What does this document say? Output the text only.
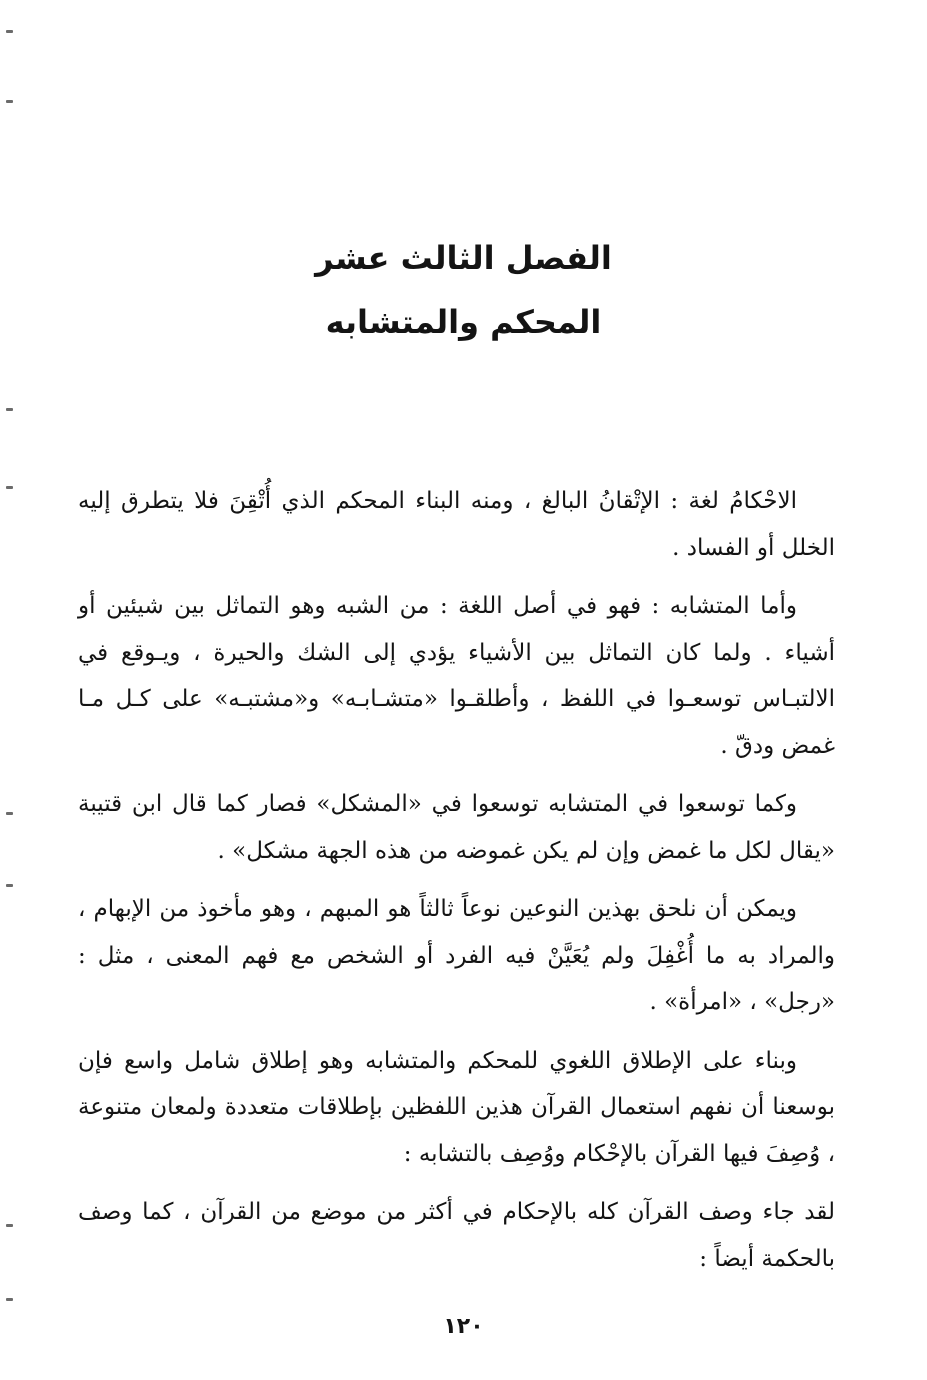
الفصل الثالث عشر
المحكم والمتشابه

الاحْكامُ لغة : الإتْقانُ البالغ ، ومنه البناء المحكم الذي أُتْقِنَ فلا يتطرق إليه الخلل أو الفساد .

وأما المتشابه : فهو في أصل اللغة : من الشبه وهو التماثل بين شيئين أو أشياء . ولما كان التماثل بين الأشياء يؤدي إلى الشك والحيرة ، ويـوقع في الالتبـاس توسعـوا في اللفظ ، وأطلقـوا «متشـابـه» و«مشتبـه» على كـل مـا غمض ودقّ .

وكما توسعوا في المتشابه توسعوا في «المشكل» فصار كما قال ابن قتيبة «يقال لكل ما غمض وإن لم يكن غموضه من هذه الجهة مشكل» .

ويمكن أن نلحق بهذين النوعين نوعاً ثالثاً هو المبهم ، وهو مأخوذ من الإبهام ، والمراد به ما أُغْفِلَ ولم يُعَيَّنْ فيه الفرد أو الشخص مع فهم المعنى ، مثل : «رجل» ، «امرأة» .

وبناء على الإطلاق اللغوي للمحكم والمتشابه وهو إطلاق شامل واسع فإن بوسعنا أن نفهم استعمال القرآن هذين اللفظين بإطلاقات متعددة ولمعان متنوعة ، وُصِفَ فيها القرآن بالإحْكام ووُصِف بالتشابه :

لقد جاء وصف القرآن كله بالإحكام في أكثر من موضع من القرآن ، كما وصف بالحكمة أيضاً :

١٢٠
